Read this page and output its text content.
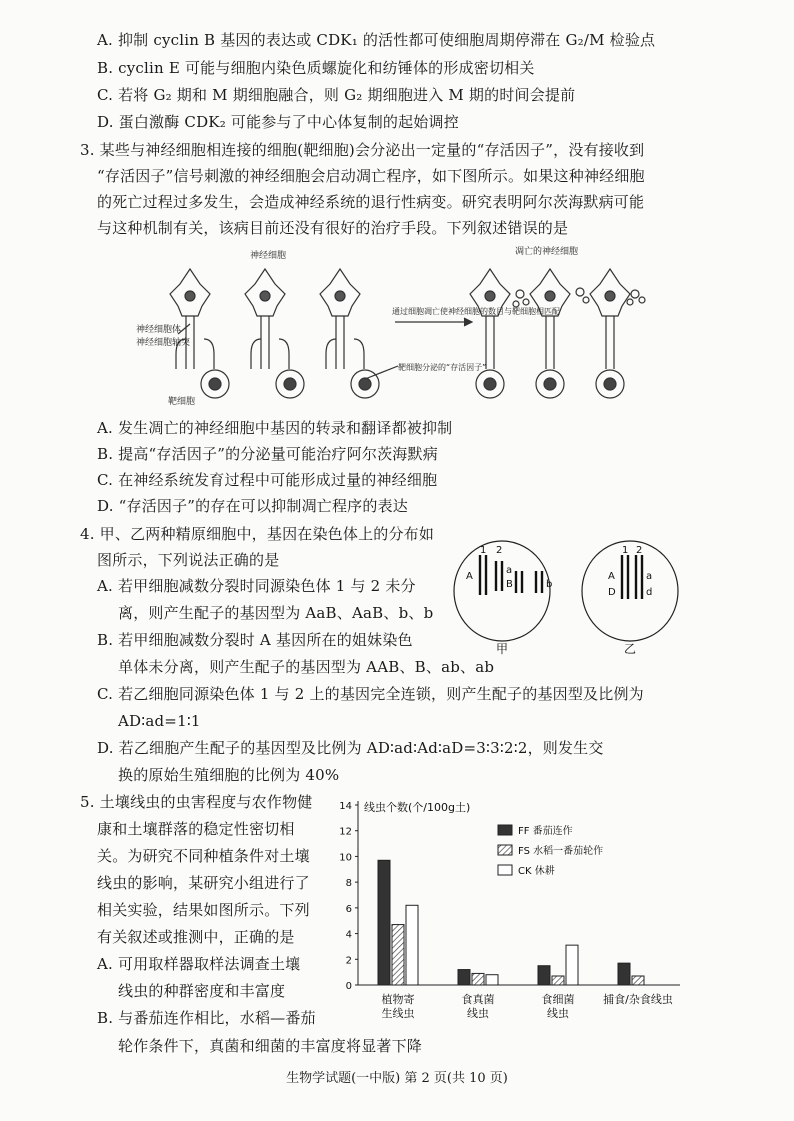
A. 抑制 cyclin B 基因的表达或 CDK₁ 的活性都可使细胞周期停滞在 G₂/M 检验点
B. cyclin E 可能与细胞内染色质螺旋化和纺锤体的形成密切相关
C. 若将 G₂ 期和 M 期细胞融合，则 G₂ 期细胞进入 M 期的时间会提前
D. 蛋白激酶 CDK₂ 可能参与了中心体复制的起始调控
3. 某些与神经细胞相连接的细胞(靶细胞)会分泌出一定量的“存活因子”，没有接收到
“存活因子”信号刺激的神经细胞会启动凋亡程序，如下图所示。如果这种神经细胞
的死亡过程过多发生，会造成神经系统的退行性病变。研究表明阿尔茨海默病可能
与这种机制有关，该病目前还没有很好的治疗手段。下列叙述错误的是
神经细胞
神经细胞体
神经细胞轴突
靶细胞
通过细胞凋亡使神经细胞的数目与靶细胞相匹配
靶细胞分泌的“存活因子”
凋亡的神经细胞
A. 发生凋亡的神经细胞中基因的转录和翻译都被抑制
B. 提高“存活因子”的分泌量可能治疗阿尔茨海默病
C. 在神经系统发育过程中可能形成过量的神经细胞
D. “存活因子”的存在可以抑制凋亡程序的表达
4. 甲、乙两种精原细胞中，基因在染色体上的分布如
图所示，下列说法正确的是
A. 若甲细胞减数分裂时同源染色体 1 与 2 未分
离，则产生配子的基因型为 AaB、AaB、b、b
B. 若甲细胞减数分裂时 A 基因所在的姐妹染色
单体未分离，则产生配子的基因型为 AAB、B、ab、ab
C. 若乙细胞同源染色体 1 与 2 上的基因完全连锁，则产生配子的基因型及比例为
AD∶ad=1∶1
D. 若乙细胞产生配子的基因型及比例为 AD∶ad∶Ad∶aD=3∶3∶2∶2，则发生交
换的原始生殖细胞的比例为 40%
1 2
A
a
B	b
1 2
A	a
D	d
甲	乙
5. 土壤线虫的虫害程度与农作物健
康和土壤群落的稳定性密切相
关。为研究不同种植条件对土壤
线虫的影响，某研究小组进行了
相关实验，结果如图所示。下列
有关叙述或推测中，正确的是
A. 可用取样器取样法调查土壤
线虫的种群密度和丰富度
B. 与番茄连作相比，水稻—番茄
轮作条件下，真菌和细菌的丰富度将显著下降
0
2
4
6
8
10
12
14
植物寄
生线虫
食真菌
线虫
食细菌
线虫
捕食/杂食线虫
FF 番茄连作
FS 水稻一番茄轮作
CK 休耕
线虫个数(个/100g土)
生物学试题(一中版) 第 2 页(共 10 页)
